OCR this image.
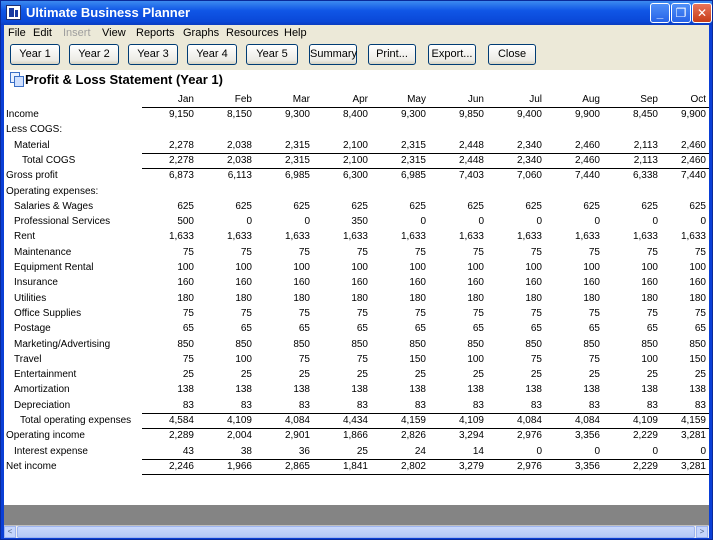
Ultimate Business Planner	_	❐ ✕
File Edit Insert View Reports Graphs Resources Help
Year 1	Year 2	Year 3	Year 4	Year 5	Summary	Print...	Export...	Close
Profit & Loss Statement (Year 1)
Jan	Feb	Mar	Apr	May	Jun	Jul	Aug	Sep	Oct
Income	9,150	8,150	9,300	8,400	9,300	9,850	9,400	9,900	8,450	9,900
Less COGS:
Material	2,278	2,038	2,315	2,100	2,315	2,448	2,340	2,460	2,113	2,460
Total COGS	2,278	2,038	2,315	2,100	2,315	2,448	2,340	2,460	2,113	2,460
Gross profit	6,873	6,113	6,985	6,300	6,985	7,403	7,060	7,440	6,338	7,440
Operating expenses:
Salaries & Wages	625	625	625	625	625	625	625	625	625	625
Professional Services	500	0	0	350	0	0	0	0	0	0
Rent	1,633	1,633	1,633	1,633	1,633	1,633	1,633	1,633	1,633	1,633
Maintenance	75	75	75	75	75	75	75	75	75	75
Equipment Rental	100	100	100	100	100	100	100	100	100	100
Insurance	160	160	160	160	160	160	160	160	160	160
Utilities	180	180	180	180	180	180	180	180	180	180
Office Supplies	75	75	75	75	75	75	75	75	75	75
Postage	65	65	65	65	65	65	65	65	65	65
Marketing/Advertising	850	850	850	850	850	850	850	850	850	850
Travel	75	100	75	75	150	100	75	75	100	150
Entertainment	25	25	25	25	25	25	25	25	25	25
Amortization	138	138	138	138	138	138	138	138	138	138
Depreciation	83	83	83	83	83	83	83	83	83	83
Total operating expenses	4,584	4,109	4,084	4,434	4,159	4,109	4,084	4,084	4,109	4,159
Operating income	2,289	2,004	2,901	1,866	2,826	3,294	2,976	3,356	2,229	3,281
Interest expense	43	38	36	25	24	14	0	0	0	0
Net income	2,246	1,966	2,865	1,841	2,802	3,279	2,976	3,356	2,229	3,281
<	>
